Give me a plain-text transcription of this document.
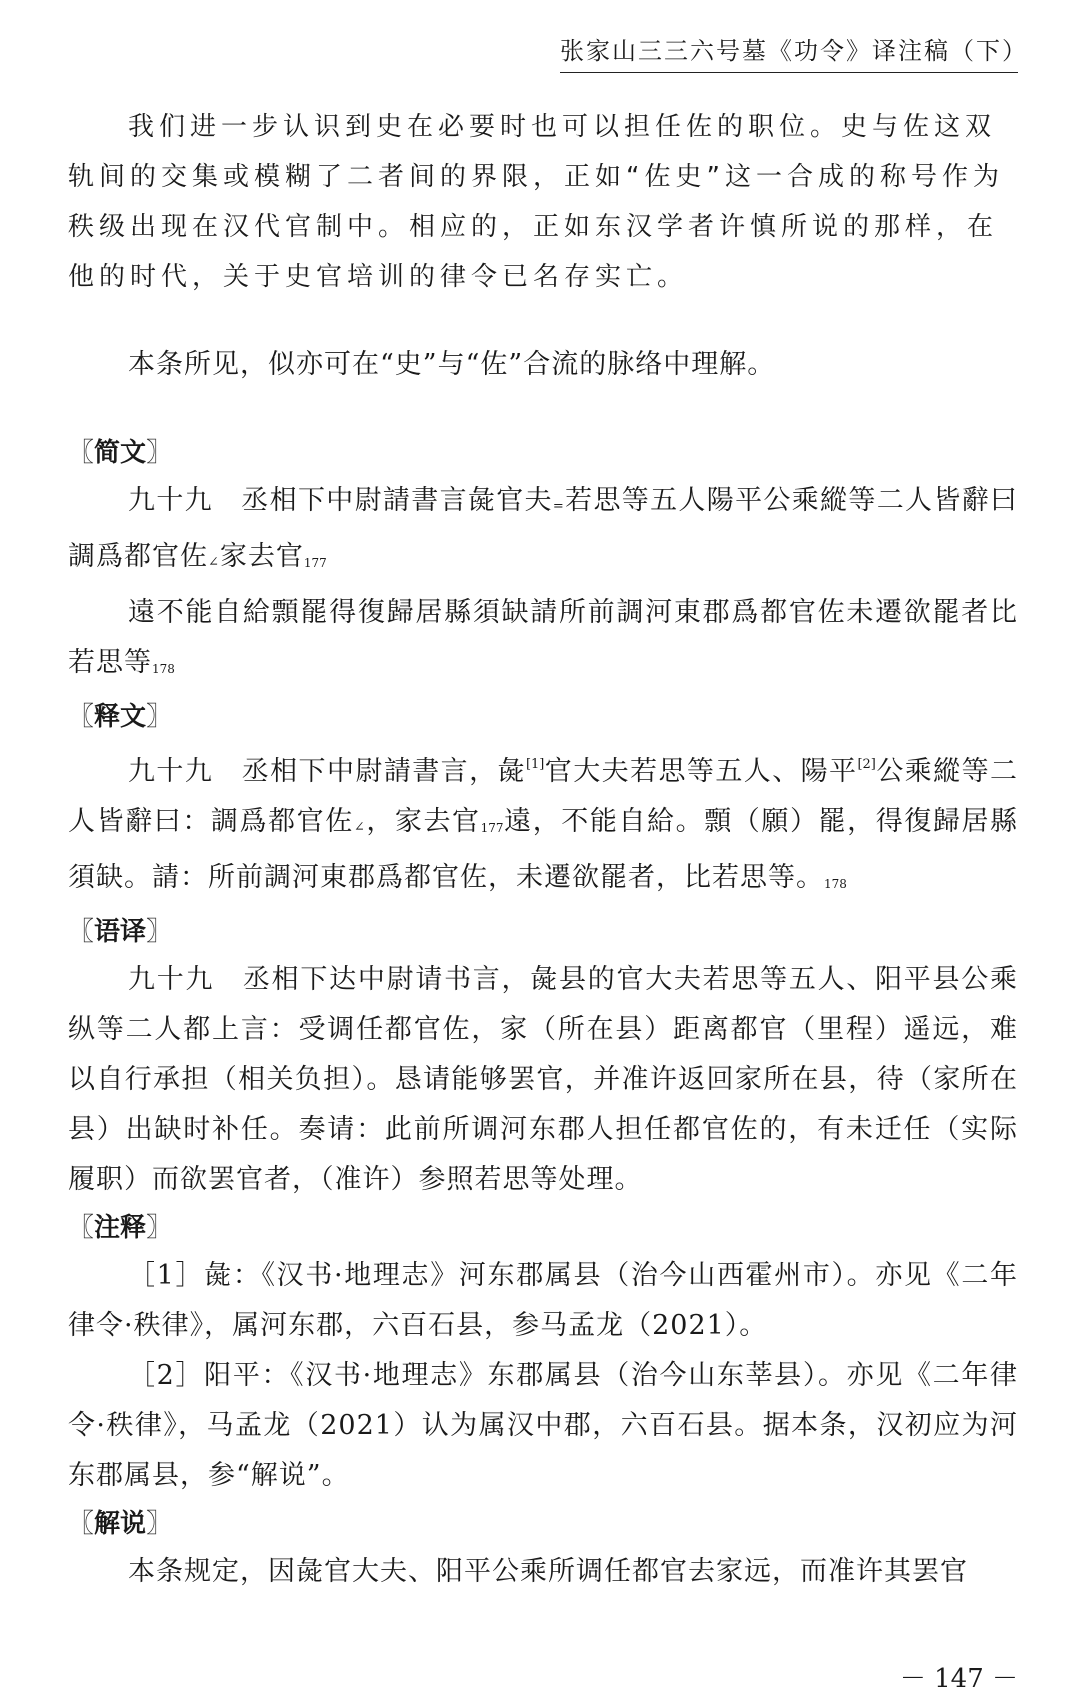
张家山三三六号墓《功令》译注稿（下）

我们进一步认识到史在必要时也可以担任佐的职位。史与佐这双轨间的交集或模糊了二者间的界限，正如“佐史”这一合成的称号作为秩级出现在汉代官制中。相应的，正如东汉学者许慎所说的那样，在他的时代，关于史官培训的律令已名存实亡。

本条所见，似亦可在“史”与“佐”合流的脉络中理解。

〖简文〗

九十九　丞相下中尉請書言彘官夫=若思等五人陽平公乘縱等二人皆辭曰調爲都官佐∠家去官177

遠不能自給顠罷得復歸居縣須缺請所前調河東郡爲都官佐未遷欲罷者比若思等178

〖释文〗

九十九　丞相下中尉請書言，彘[1]官大夫若思等五人、陽平[2]公乘縱等二人皆辭曰：調爲都官佐∠，家去官177遠，不能自給。顠（願）罷，得復歸居縣須缺。請：所前調河東郡爲都官佐，未遷欲罷者，比若思等。178

〖语译〗

九十九　丞相下达中尉请书言，彘县的官大夫若思等五人、阳平县公乘纵等二人都上言：受调任都官佐，家（所在县）距离都官（里程）遥远，难以自行承担（相关负担）。恳请能够罢官，并准许返回家所在县，待（家所在县）出缺时补任。奏请：此前所调河东郡人担任都官佐的，有未迁任（实际履职）而欲罢官者，（准许）参照若思等处理。

〖注释〗

［1］彘：《汉书·地理志》河东郡属县（治今山西霍州市）。亦见《二年律令·秩律》，属河东郡，六百石县，参马孟龙（2021）。

［2］阳平：《汉书·地理志》东郡属县（治今山东莘县）。亦见《二年律令·秩律》，马孟龙（2021）认为属汉中郡，六百石县。据本条，汉初应为河东郡属县，参“解说”。

〖解说〗

本条规定，因彘官大夫、阳平公乘所调任都官去家远，而准许其罢官

－ 147 －
